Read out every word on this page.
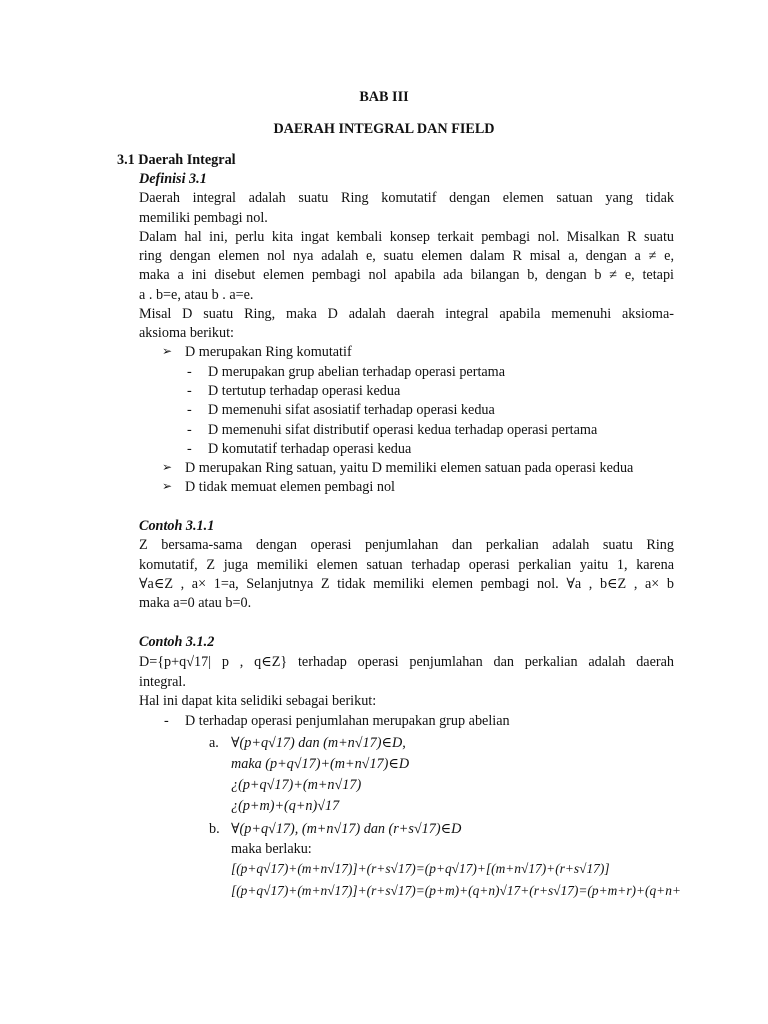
BAB III
DAERAH INTEGRAL DAN FIELD
3.1 Daerah Integral
Definisi 3.1
Daerah integral adalah suatu Ring komutatif dengan elemen satuan yang tidak
memiliki pembagi nol.
Dalam hal ini, perlu kita ingat kembali konsep terkait pembagi nol. Misalkan R suatu
ring dengan elemen nol nya adalah e, suatu elemen dalam R misal a, dengan a ≠ e,
maka a ini disebut elemen pembagi nol apabila ada bilangan b, dengan b ≠ e, tetapi
a . b=e, atau b . a=e.
Misal D suatu Ring, maka D adalah daerah integral apabila memenuhi aksioma-
aksioma berikut:
➢ D merupakan Ring komutatif
- D merupakan grup abelian terhadap operasi pertama
- D tertutup terhadap operasi kedua
- D memenuhi sifat asosiatif terhadap operasi kedua
- D memenuhi sifat distributif operasi kedua terhadap operasi pertama
- D komutatif terhadap operasi kedua
➢ D merupakan Ring satuan, yaitu D memiliki elemen satuan pada operasi kedua
➢ D tidak memuat elemen pembagi nol
Contoh 3.1.1
Z bersama-sama dengan operasi penjumlahan dan perkalian adalah suatu Ring
komutatif, Z juga memiliki elemen satuan terhadap operasi perkalian yaitu 1, karena
∀a∈Z , a× 1=a, Selanjutnya Z tidak memiliki elemen pembagi nol. ∀a , b∈Z , a× b
maka a=0 atau b=0.
Contoh 3.1.2
D={p+q√17| p , q∈Z} terhadap operasi penjumlahan dan perkalian adalah daerah
integral.
Hal ini dapat kita selidiki sebagai berikut:
- D terhadap operasi penjumlahan merupakan grup abelian
a. ∀(p+q√17) dan (m+n√17)∈D,
maka (p+q√17)+(m+n√17)∈D
¿(p+q√17)+(m+n√17)
¿(p+m)+(q+n)√17
b. ∀(p+q√17), (m+n√17) dan (r+s√17)∈D
maka berlaku:
[(p+q√17)+(m+n√17)]+(r+s√17)=(p+q√17)+[(m+n√17)+(r+s√17)]
[(p+q√17)+(m+n√17)]+(r+s√17)=(p+m)+(q+n)√17+(r+s√17)=(p+m+r)+(q+n+
